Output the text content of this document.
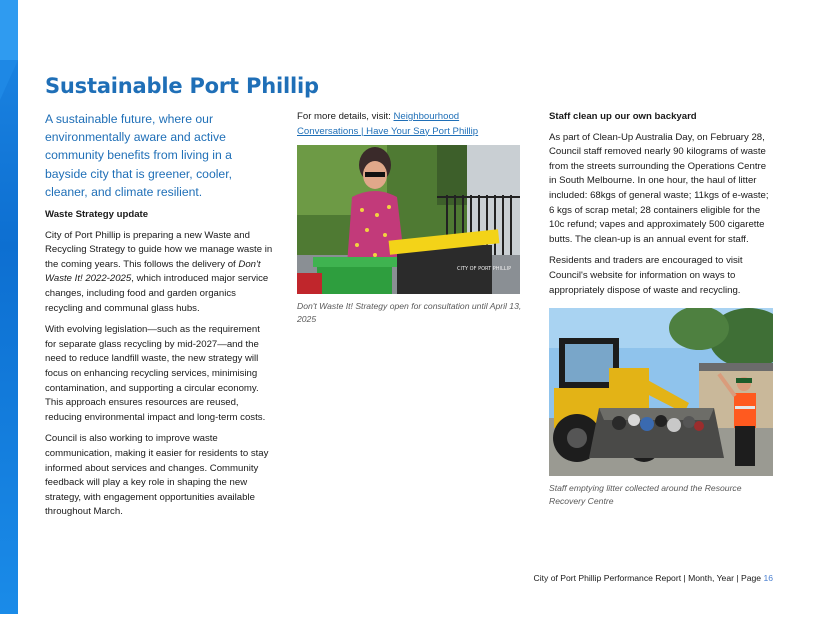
Sustainable Port Phillip

A sustainable future, where our environmentally aware and active community benefits from living in a bayside city that is greener, cooler, cleaner, and climate resilient.

Waste Strategy update

City of Port Phillip is preparing a new Waste and Recycling Strategy to guide how we manage waste in the coming years. This follows the delivery of Don't Waste It! 2022-2025, which introduced major service changes, including food and garden organics recycling and communal glass hubs.

With evolving legislation—such as the requirement for separate glass recycling by mid-2027—and the need to reduce landfill waste, the new strategy will focus on enhancing recycling services, minimising contamination, and supporting a circular economy. This approach ensures resources are reused, reducing environmental impact and long-term costs.

Council is also working to improve waste communication, making it easier for residents to stay informed about services and changes. Community feedback will play a key role in shaping the new strategy, with engagement opportunities available throughout March.

For more details, visit: Neighbourhood Conversations | Have Your Say Port Phillip

CITY OF PORT PHILLIP

Don't Waste It! Strategy open for consultation until April 13, 2025

Staff clean up our own backyard

As part of Clean-Up Australia Day, on February 28, Council staff removed nearly 90 kilograms of waste from the streets surrounding the Operations Centre in South Melbourne. In one hour, the haul of litter included: 68kgs of general waste; 11kgs of e-waste; 6 kgs of scrap metal; 28 containers eligible for the 10c refund; vapes and approximately 500 cigarette butts. The clean-up is an annual event for staff.

Residents and traders are encouraged to visit Council's website for information on ways to appropriately dispose of waste and recycling.

Staff emptying litter collected around the Resource Recovery Centre

City of Port Phillip Performance Report | Month, Year | Page 16
